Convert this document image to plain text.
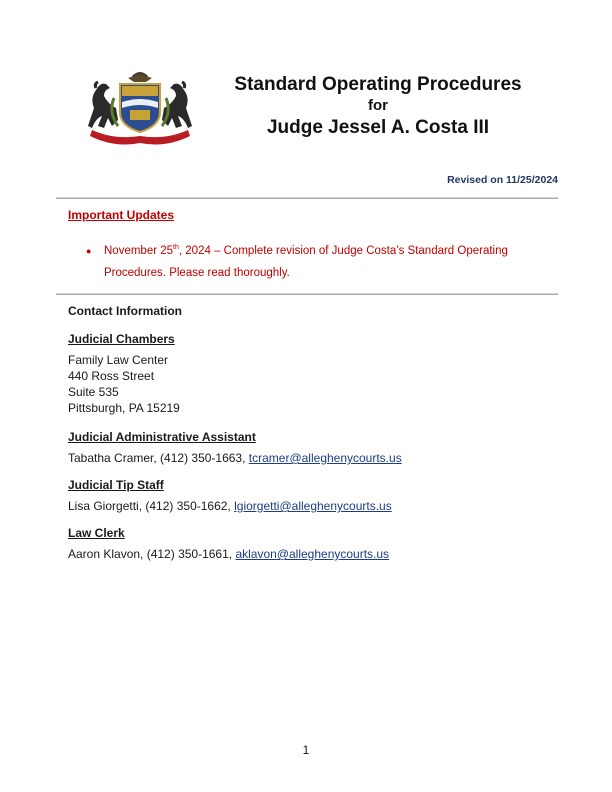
Standard Operating Procedures
for
Judge Jessel A. Costa III
Revised on 11/25/2024
Important Updates
● November 25th, 2024 – Complete revision of Judge Costa’s Standard Operating Procedures. Please read thoroughly.
Contact Information
Judicial Chambers
Family Law Center
440 Ross Street
Suite 535
Pittsburgh, PA 15219
Judicial Administrative Assistant
Tabatha Cramer, (412) 350-1663, tcramer@alleghenycourts.us
Judicial Tip Staff
Lisa Giorgetti, (412) 350-1662, lgiorgetti@alleghenycourts.us
Law Clerk
Aaron Klavon, (412) 350-1661, aklavon@alleghenycourts.us
1
